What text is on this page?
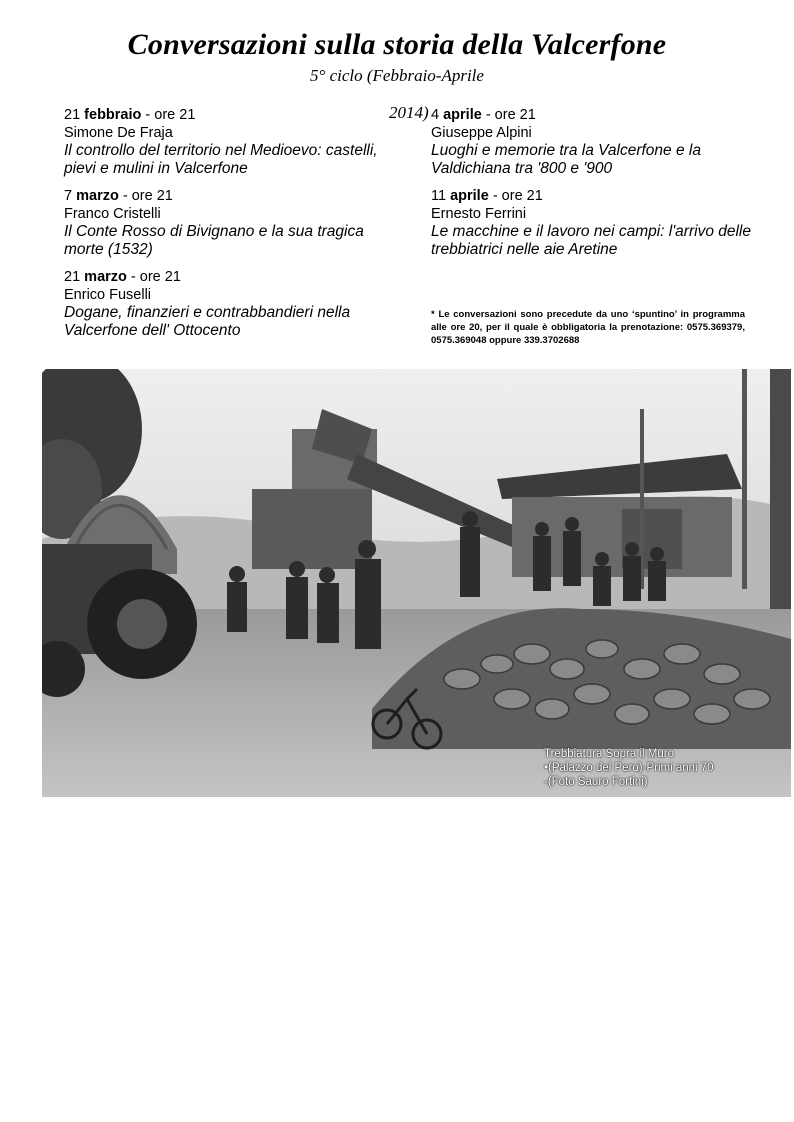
Conversazioni sulla storia della Valcerfone
5° ciclo (Febbraio-Aprile
2014)
21 febbraio - ore 21
Simone De Fraja
Il controllo del territorio nel Medioevo: castelli, pievi e mulini in Valcerfone
7 marzo - ore 21
Franco Cristelli
Il Conte Rosso di Bivignano e la sua tragica morte (1532)
21 marzo - ore 21
Enrico Fuselli
Dogane, finanzieri e contrabbandieri nella Valcerfone dell' Ottocento
4 aprile - ore 21
Giuseppe Alpini
Luoghi e memorie tra la Valcerfone e la Valdichiana tra '800 e '900
11 aprile - ore 21
Ernesto Ferrini
Le macchine e il lavoro nei campi: l'arrivo delle trebbiatrici nelle aie Aretine
* Le conversazioni sono precedute da uno ‘spuntino’ in programma alle ore 20, per il quale è obbligatoria la prenotazione: 0575.369379, 0575.369048 oppure 339.3702688
Trebbiatura Sopra il Muro
•(Palazzo del Pero)-Primi anni 70
-(Foto Sauro Fortini)
